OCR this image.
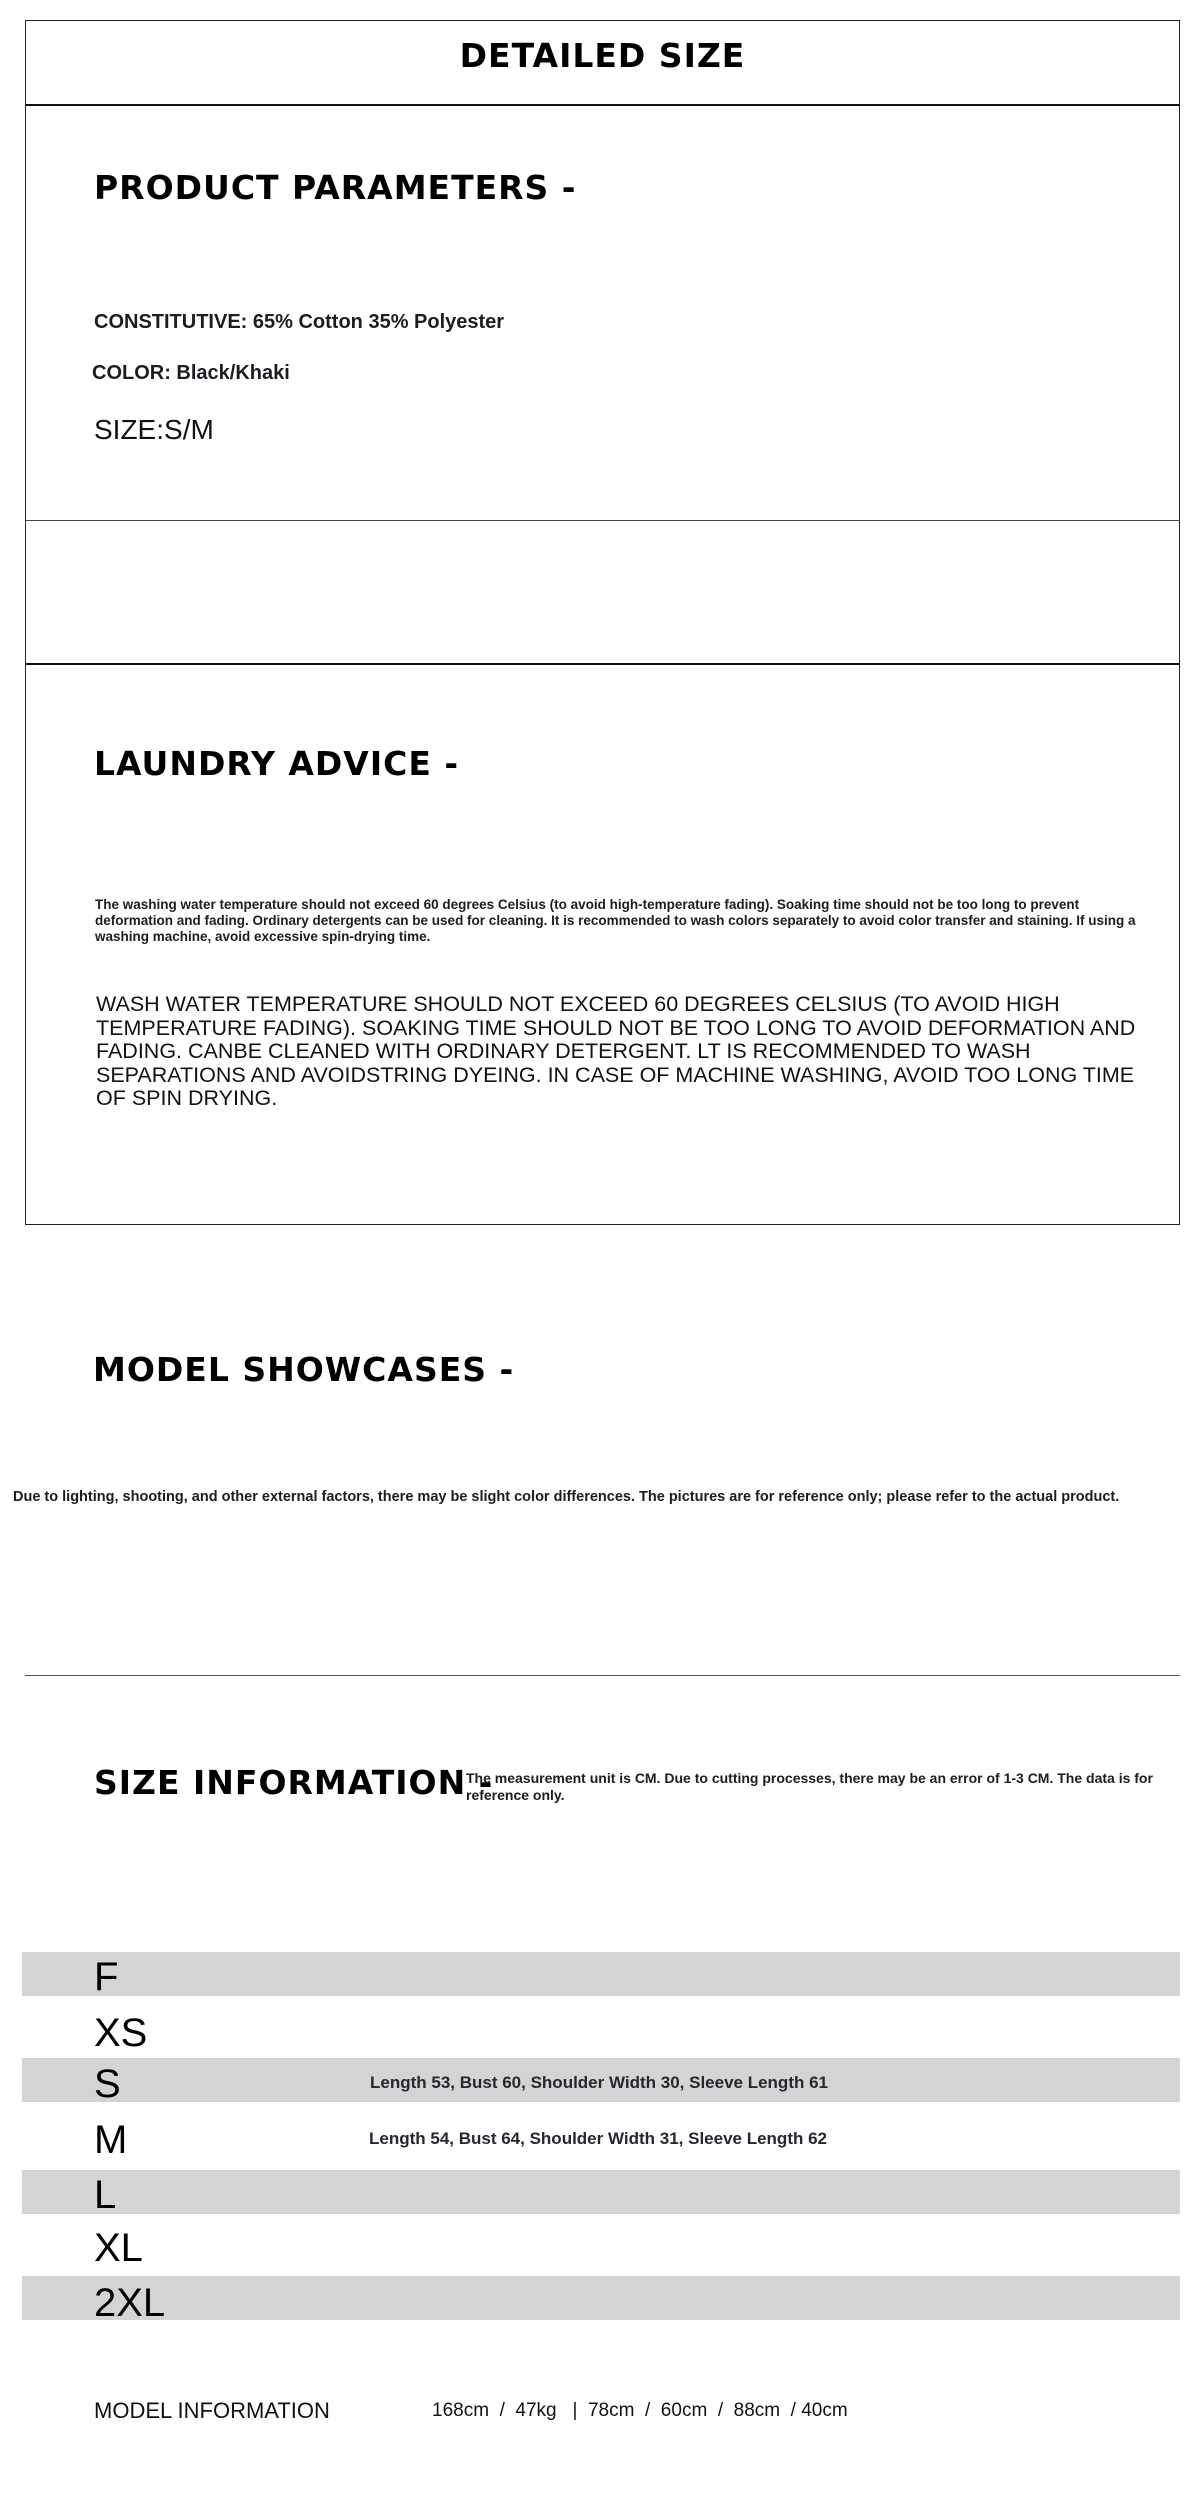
DETAILED SIZE
PRODUCT PARAMETERS -
CONSTITUTIVE: 65% Cotton 35% Polyester
COLOR: Black/Khaki
SIZE:S/M
LAUNDRY ADVICE -
The washing water temperature should not exceed 60 degrees Celsius (to avoid high-temperature fading). Soaking time should not be too long to prevent deformation and fading. Ordinary detergents can be used for cleaning. It is recommended to wash colors separately to avoid color transfer and staining. If using a washing machine, avoid excessive spin-drying time.
WASH WATER TEMPERATURE SHOULD NOT EXCEED 60 DEGREES CELSIUS (TO AVOID HIGH TEMPERATURE FADING). SOAKING TIME SHOULD NOT BE TOO LONG TO AVOID DEFORMATION AND FADING. CANBE CLEANED WITH ORDINARY DETERGENT. LT IS RECOMMENDED TO WASH SEPARATIONS AND AVOIDSTRING DYEING. IN CASE OF MACHINE WASHING, AVOID TOO LONG TIME OF SPIN DRYING.
MODEL SHOWCASES -
Due to lighting, shooting, and other external factors, there may be slight color differences. The pictures are for reference only; please refer to the actual product.
SIZE INFORMATION -
The measurement unit is CM. Due to cutting processes, there may be an error of 1-3 CM. The data is for reference only.
F
XS
S
M
L
XL
2XL
Length 53, Bust 60, Shoulder Width 30, Sleeve Length 61
Length 54, Bust 64, Shoulder Width 31, Sleeve Length 62
MODEL INFORMATION	168cm  /  47kg   |  78cm  /  60cm  /  88cm  / 40cm
